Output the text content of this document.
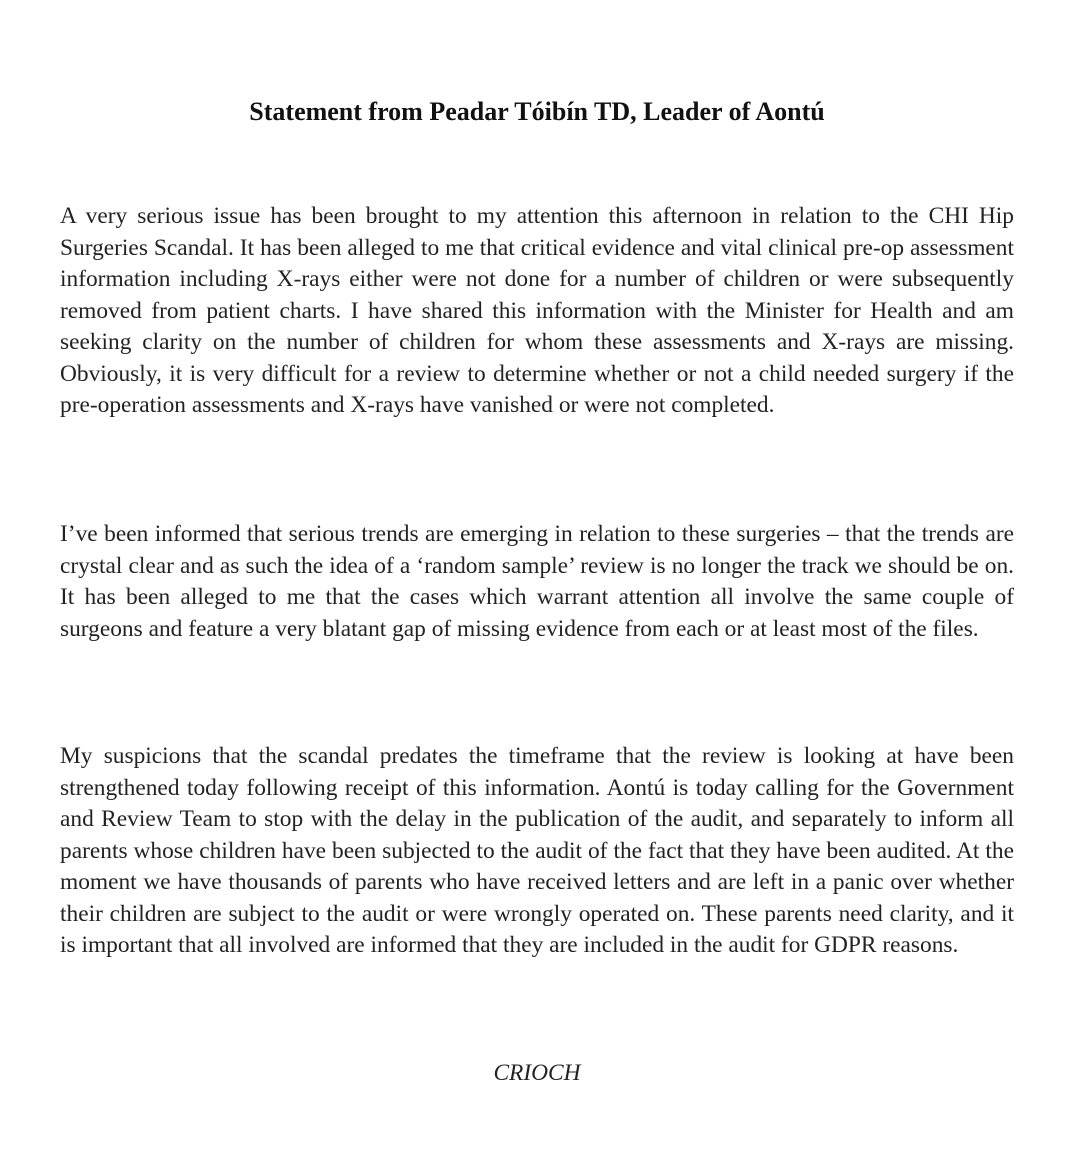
Statement from Peadar Tóibín TD, Leader of Aontú

A very serious issue has been brought to my attention this afternoon in relation to the CHI Hip Surgeries Scandal. It has been alleged to me that critical evidence and vital clinical pre-op assessment information including X-rays either were not done for a number of children or were subsequently removed from patient charts. I have shared this information with the Minister for Health and am seeking clarity on the number of children for whom these assessments and X-rays are missing. Obviously, it is very difficult for a review to determine whether or not a child needed surgery if the pre-operation assessments and X-rays have vanished or were not completed.

I’ve been informed that serious trends are emerging in relation to these surgeries – that the trends are crystal clear and as such the idea of a ‘random sample’ review is no longer the track we should be on. It has been alleged to me that the cases which warrant attention all involve the same couple of surgeons and feature a very blatant gap of missing evidence from each or at least most of the files.

My suspicions that the scandal predates the timeframe that the review is looking at have been strengthened today following receipt of this information. Aontú is today calling for the Government and Review Team to stop with the delay in the publication of the audit, and separately to inform all parents whose children have been subjected to the audit of the fact that they have been audited. At the moment we have thousands of parents who have received letters and are left in a panic over whether their children are subject to the audit or were wrongly operated on. These parents need clarity, and it is important that all involved are informed that they are included in the audit for GDPR reasons.

CRIOCH
